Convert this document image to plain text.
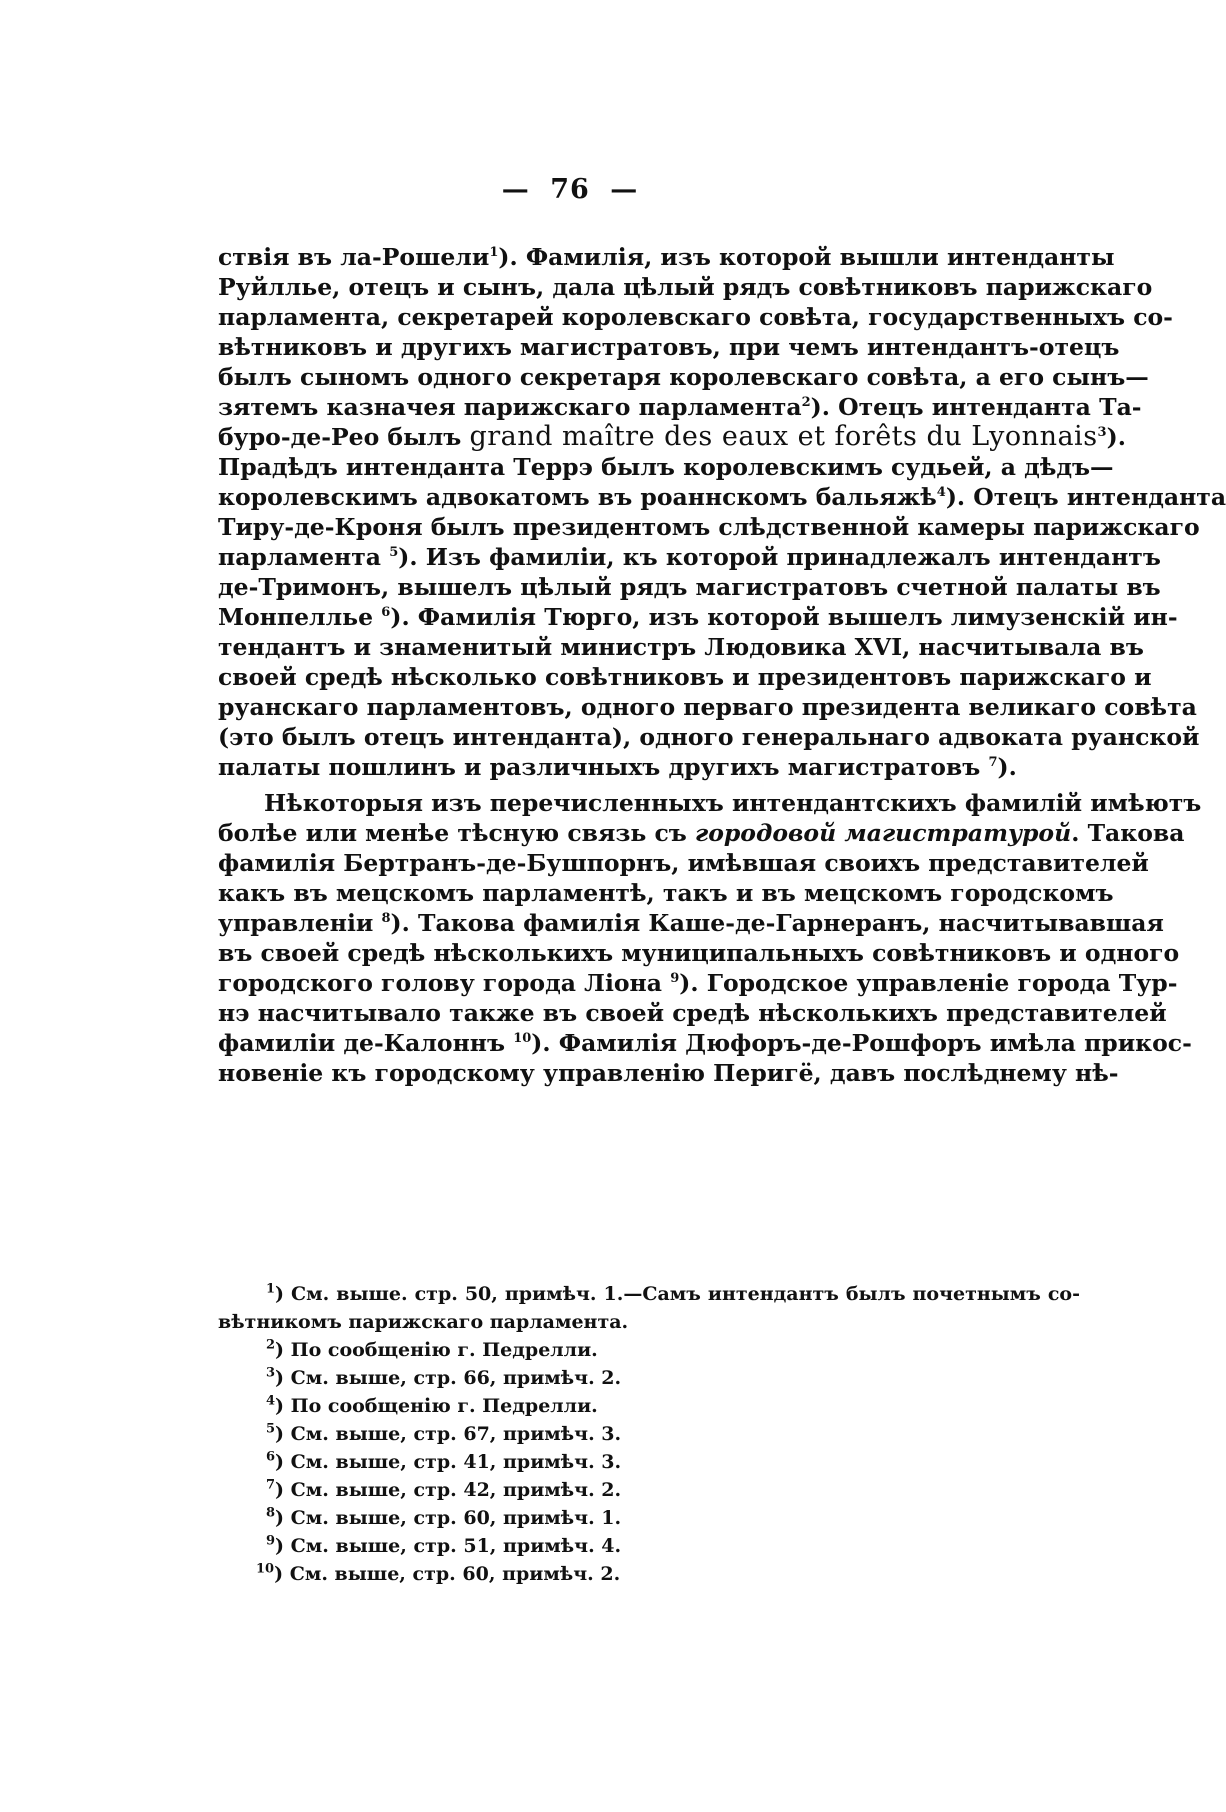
— 76 —
ствія въ ла-Рошели$^1$). Фамилія, изъ которой вышли интенданты
Руйллье, отецъ и сынъ, дала цѣлый рядъ совѣтниковъ парижскаго
парламента, секретарей королевскаго совѣта, государственныхъ со-
вѣтниковъ и другихъ магистратовъ, при чемъ интендантъ-отецъ
былъ сыномъ одного секретаря королевскаго совѣта, а его сынъ—
зятемъ казначея парижскаго парламента$^2$). Отецъ интенданта Та-
буро-де-Рео былъ grand maître des eaux et forêts du Lyonnais$^3$).
Прадѣдъ интенданта Террэ былъ королевскимъ судьей, а дѣдъ—
королевскимъ адвокатомъ въ роаннскомъ бальяжѣ$^4$). Отецъ интенданта
Тиру-де-Кроня былъ президентомъ слѣдственной камеры парижскаго
парламента $^5$). Изъ фамиліи, къ которой принадлежалъ интендантъ
де-Тримонъ, вышелъ цѣлый рядъ магистратовъ счетной палаты въ
Монпеллье $^6$). Фамилія Тюрго, изъ которой вышелъ лимузенскій ин-
тендантъ и знаменитый министръ Людовика XVI, насчитывала въ
своей средѣ нѣсколько совѣтниковъ и президентовъ парижскаго и
руанскаго парламентовъ, одного перваго президента великаго совѣта
(это былъ отецъ интенданта), одного генеральнаго адвоката руанской
палаты пошлинъ и различныхъ другихъ магистратовъ $^7$).
Нѣкоторыя изъ перечисленныхъ интендантскихъ фамилій имѣютъ
болѣе или менѣе тѣсную связь съ городовой магистратурой. Такова
фамилія Бертранъ-де-Бушпорнъ, имѣвшая своихъ представителей
какъ въ мецскомъ парламентѣ, такъ и въ мецскомъ городскомъ
управленіи $^8$). Такова фамилія Каше-де-Гарнеранъ, насчитывавшая
въ своей средѣ нѣсколькихъ муниципальныхъ совѣтниковъ и одного
городского голову города Ліона $^9$). Городское управленіе города Тур-
нэ насчитывало также въ своей средѣ нѣсколькихъ представителей
фамиліи де-Калоннъ $^{10}$). Фамилія Дюфоръ-де-Рошфоръ имѣла прикос-
новеніе къ городскому управленію Перигё, давъ послѣднему нѣ-
$^1$) См. выше. стр. 50, примѣч. 1.—Самъ интендантъ былъ почетнымъ со-
вѣтникомъ парижскаго парламента.
$^2$) По сообщенію г. Педрелли.
$^3$) См. выше, стр. 66, примѣч. 2.
$^4$) По сообщенію г. Педрелли.
$^5$) См. выше, стр. 67, примѣч. 3.
$^6$) См. выше, стр. 41, примѣч. 3.
$^7$) См. выше, стр. 42, примѣч. 2.
$^8$) См. выше, стр. 60, примѣч. 1.
$^9$) См. выше, стр. 51, примѣч. 4.
$^{10}$) См. выше, стр. 60, примѣч. 2.
